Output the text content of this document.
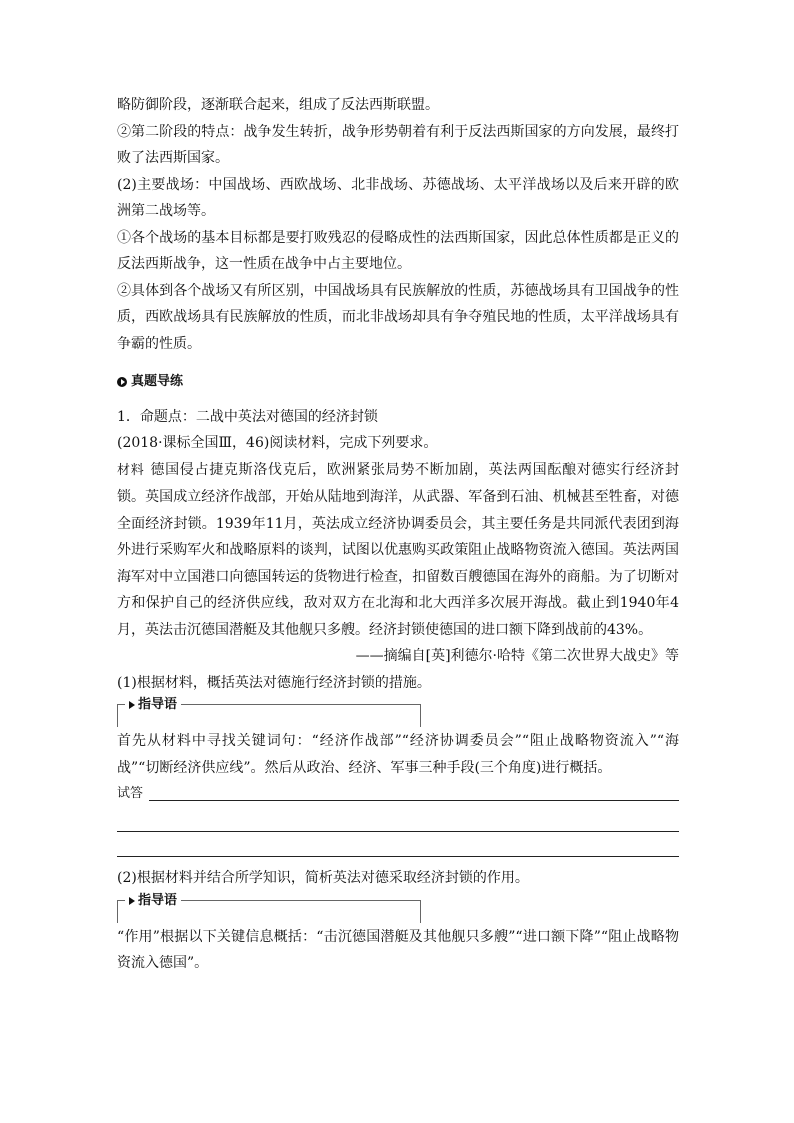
略防御阶段，逐渐联合起来，组成了反法西斯联盟。

②第二阶段的特点：战争发生转折，战争形势朝着有利于反法西斯国家的方向发展，最终打败了法西斯国家。

(2)主要战场：中国战场、西欧战场、北非战场、苏德战场、太平洋战场以及后来开辟的欧洲第二战场等。

①各个战场的基本目标都是要打败残忍的侵略成性的法西斯国家，因此总体性质都是正义的反法西斯战争，这一性质在战争中占主要地位。

②具体到各个战场又有所区别，中国战场具有民族解放的性质，苏德战场具有卫国战争的性质，西欧战场具有民族解放的性质，而北非战场却具有争夺殖民地的性质，太平洋战场具有争霸的性质。

真题导练

1．命题点：二战中英法对德国的经济封锁

(2018·课标全国Ⅲ，46)阅读材料，完成下列要求。

材料 德国侵占捷克斯洛伐克后，欧洲紧张局势不断加剧，英法两国酝酿对德实行经济封锁。英国成立经济作战部，开始从陆地到海洋，从武器、军备到石油、机械甚至牲畜，对德全面经济封锁。1939年11月，英法成立经济协调委员会，其主要任务是共同派代表团到海外进行采购军火和战略原料的谈判，试图以优惠购买政策阻止战略物资流入德国。英法两国海军对中立国港口向德国转运的货物进行检查，扣留数百艘德国在海外的商船。为了切断对方和保护自己的经济供应线，敌对双方在北海和北大西洋多次展开海战。截止到1940年4月，英法击沉德国潜艇及其他舰只多艘。经济封锁使德国的进口额下降到战前的43%。

——摘编自[英]利德尔·哈特《第二次世界大战史》等

(1)根据材料，概括英法对德施行经济封锁的措施。

指导语

首先从材料中寻找关键词句：“经济作战部”“经济协调委员会”“阻止战略物资流入”“海战”“切断经济供应线”。然后从政治、经济、军事三种手段(三个角度)进行概括。

试答

(2)根据材料并结合所学知识，简析英法对德采取经济封锁的作用。

指导语

“作用”根据以下关键信息概括：“击沉德国潜艇及其他舰只多艘”“进口额下降”“阻止战略物资流入德国”。
